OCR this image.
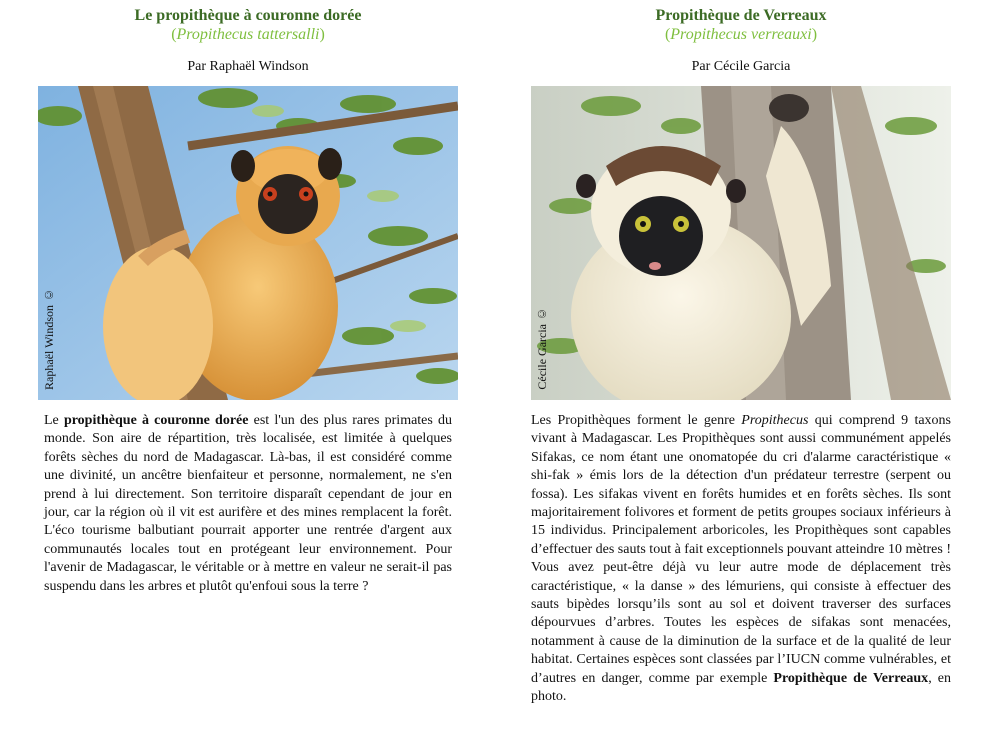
Le propithèque à couronne dorée
(Propithecus tattersalli)
Par Raphaël Windson
Raphaël Windson ©
Le propithèque à couronne dorée est l'un des plus rares primates du monde. Son aire de répartition, très localisée, est limitée à quelques forêts sèches du nord de Madagascar. Là-bas, il est considéré comme une divinité, un ancêtre bienfaiteur et personne, normalement, ne s'en prend à lui directement. Son territoire disparaît cependant de jour en jour, car la région où il vit est aurifère et des mines remplacent la forêt. L'éco tourisme balbutiant pourrait apporter une rentrée d'argent aux communautés locales tout en protégeant leur environnement. Pour l'avenir de Madagascar, le véritable or à mettre en valeur ne serait-il pas suspendu dans les arbres et plutôt qu'enfoui sous la terre ?
Propithèque de Verreaux
(Propithecus verreauxi)
Par Cécile Garcia
Cécile Garcia ©
Les Propithèques forment le genre Propithecus qui comprend 9 taxons vivant à Madagascar. Les Propithèques sont aussi communément appelés Sifakas, ce nom étant une onomatopée du cri d'alarme caractéristique « shi-fak » émis lors de la détection d'un prédateur terrestre (serpent ou fossa). Les sifakas vivent en forêts humides et en forêts sèches. Ils sont majoritairement folivores et forment de petits groupes sociaux inférieurs à 15 individus. Principalement arboricoles, les Propithèques sont capables d’effectuer des sauts tout à fait exceptionnels pouvant atteindre 10 mètres ! Vous avez peut-être déjà vu leur autre mode de déplacement très caractéristique, « la danse » des lémuriens, qui consiste à effectuer des sauts bipèdes lorsqu’ils sont au sol et doivent traverser des surfaces dépourvues d’arbres. Toutes les espèces de sifakas sont menacées, notamment à cause de la diminution de la surface et de la qualité de leur habitat. Certaines espèces sont classées par l’IUCN comme vulnérables, et d’autres en danger, comme par exemple Propithèque de Verreaux, en photo.
